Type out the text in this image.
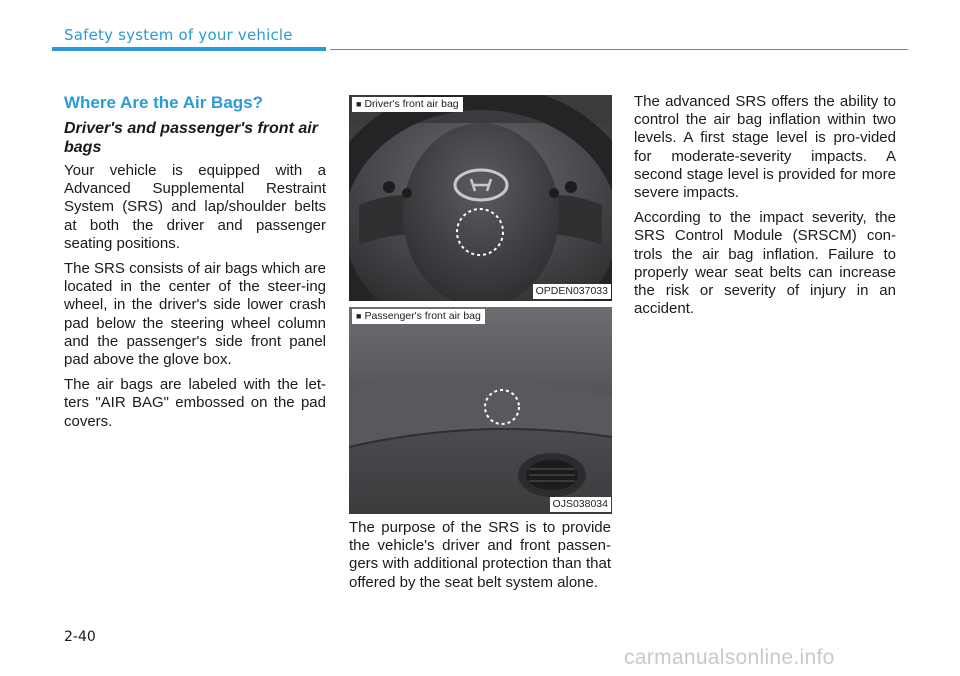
Safety system of your vehicle
Where Are the Air Bags?
Driver's and passenger's front air bags

Your vehicle is equipped with a Advanced Supplemental Restraint System (SRS) and lap/shoulder belts at both the driver and passenger seating positions.

The SRS consists of air bags which are located in the center of the steer-ing wheel, in the driver's side lower crash pad below the steering wheel column and the passenger's side front panel pad above the glove box.

The air bags are labeled with the let-ters "AIR BAG" embossed on the pad covers.

■ Driver's front air bag
OPDEN037033
■ Passenger's front air bag
OJS038034

The purpose of the SRS is to provide the vehicle's driver and front passen-gers with additional protection than that offered by the seat belt system alone.

The advanced SRS offers the ability to control the air bag inflation within two levels. A first stage level is pro-vided for moderate-severity impacts. A second stage level is provided for more severe impacts.

According to the impact severity, the SRS Control Module (SRSCM) con-trols the air bag inflation. Failure to properly wear seat belts can increase the risk or severity of injury in an accident.

2-40
carmanualsonline.info
